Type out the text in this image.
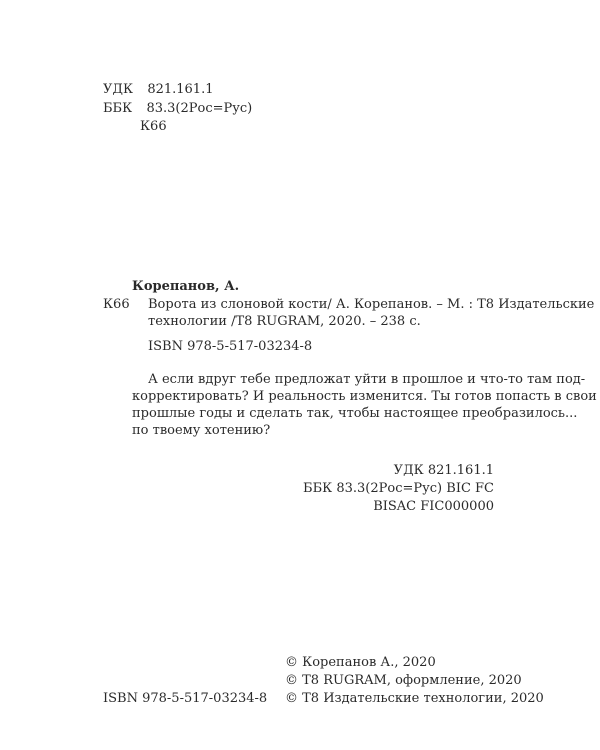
УДК 821.161.1
ББК 83.3(2Рос=Рус)
К66
Корепанов, А.
К66 Ворота из слоновой кости/ А. Корепанов. – М. : Т8 Издательские
технологии /Т8 RUGRAM, 2020. – 238 с.
ISBN 978-5-517-03234-8
А если вдруг тебе предложат уйти в прошлое и что-то там под-
корректировать? И реальность изменится. Ты готов попасть в свои
прошлые годы и сделать так, чтобы настоящее преобразилось...
по твоему хотению?
УДК 821.161.1
ББК 83.3(2Рос=Рус) BIC FC
BISAC FIC000000
© Корепанов А., 2020
© Т8 RUGRAM, оформление, 2020
© Т8 Издательские технологии, 2020
ISBN 978-5-517-03234-8
